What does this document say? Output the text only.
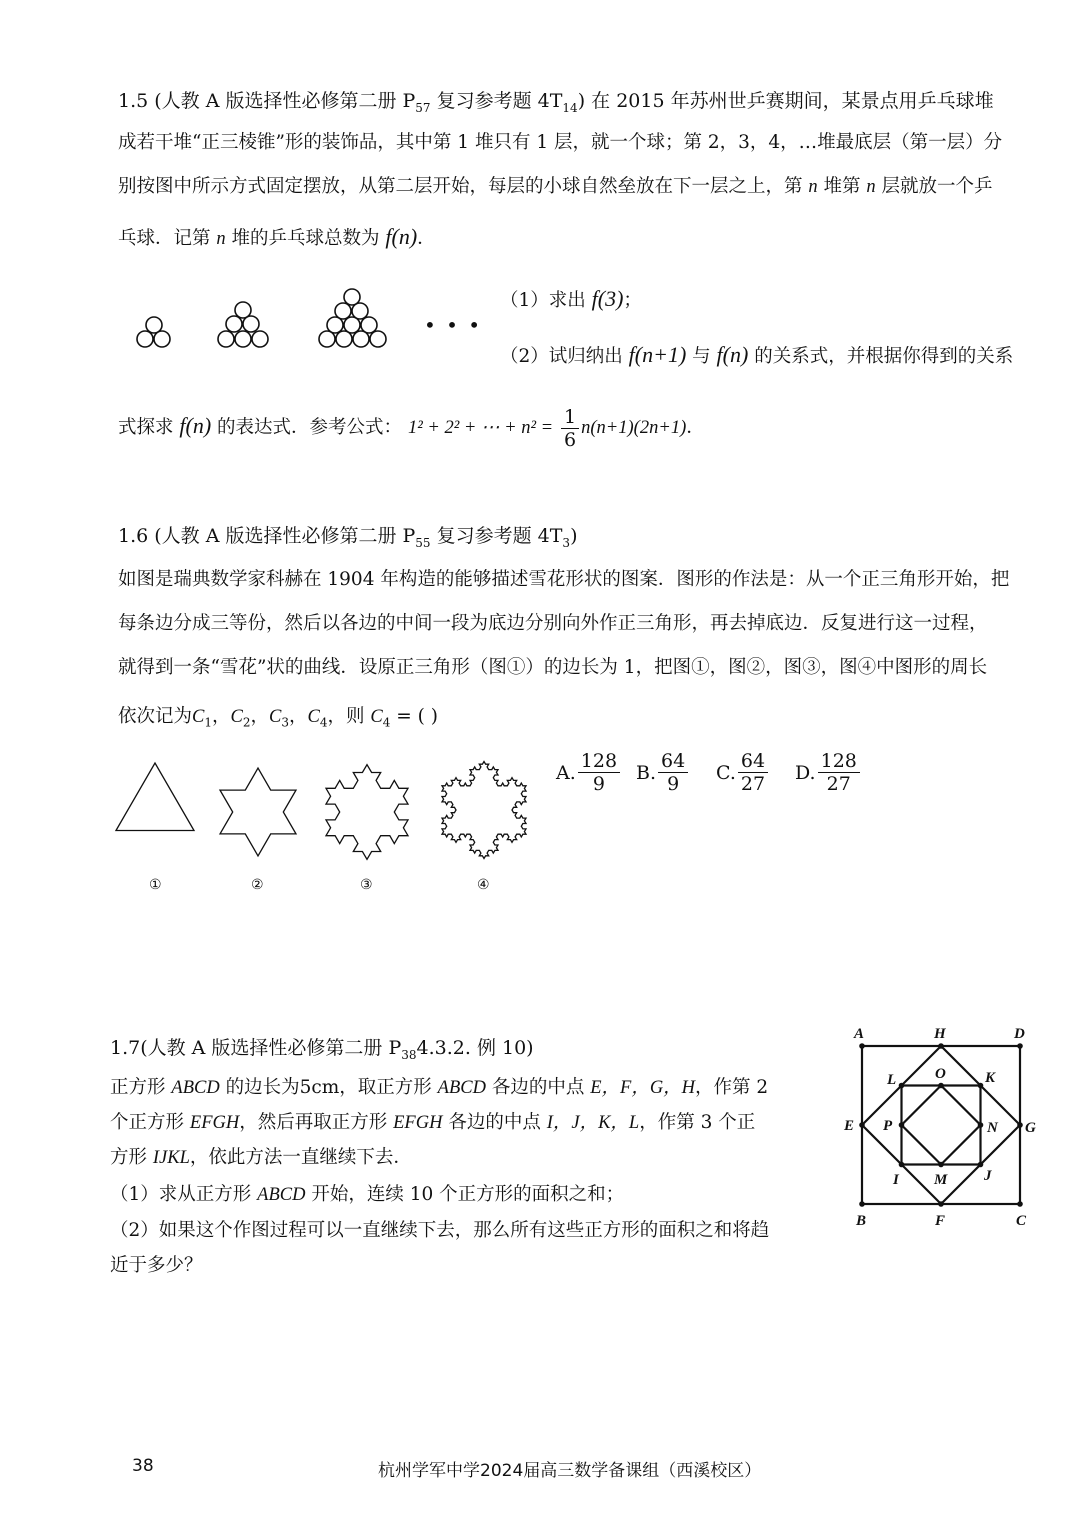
1.5 (人教 A 版选择性必修第二册 $P_{57}$ 复习参考题 $4T_{14}$) 在 2015 年苏州世乒赛期间，某景点用乒乓球堆
成若干堆“正三棱锥”形的装饰品，其中第 1 堆只有 1 层，就一个球；第 2，3，4，…堆最底层（第一层）分
别按图中所示方式固定摆放，从第二层开始，每层的小球自然垒放在下一层之上，第 n 堆第 n 层就放一个乒
乓球．记第 n 堆的乒乓球总数为 f(n)．
• • •
（1）求出 f(3)；
（2）试归纳出 f(n+1) 与 f(n) 的关系式，并根据你得到的关系
式探求 f(n) 的表达式．参考公式： 1² + 2² + ⋯ + $n^2 = \frac{1}{6} n(n+1)(2n+1)$．
1.6 (人教 A 版选择性必修第二册 $P_{55}$ 复习参考题 $4T_3$)
如图是瑞典数学家科赫在 1904 年构造的能够描述雪花形状的图案．图形的作法是：从一个正三角形开始，把
每条边分成三等份，然后以各边的中间一段为底边分别向外作正三角形，再去掉底边．反复进行这一过程，
就得到一条“雪花”状的曲线．设原正三角形（图①）的边长为 1，把图①，图②，图③，图④中图形的周长
依次记为$C_1$，$C_2$，$C_3$，$C_4$，则 $C_4$ = ( )
①	②	③	④
A. $\frac{128}{9} B$. $\frac{64}{9} C$. $\frac{64}{27} D$. $\frac{128}{27}$
1.7(人教 A 版选择性必修第二册 $P_{38}4.3.2$. 例 10)
正方形 ABCD 的边长为5cm，取正方形 ABCD 各边的中点 E，F，G，H，作第 2
个正方形 EFGH，然后再取正方形 EFGH 各边的中点 I，J，K，L，作第 3 个正
方形 IJKL，依此方法一直继续下去．
（1）求从正方形 ABCD 开始，连续 10 个正方形的面积之和；
（2）如果这个作图过程可以一直继续下去，那么所有这些正方形的面积之和将趋
近于多少？
A	H	D
L	O	K
E P	N G
I M J
B	F	C
38	杭州学军中学2024届高三数学备课组（西溪校区）
